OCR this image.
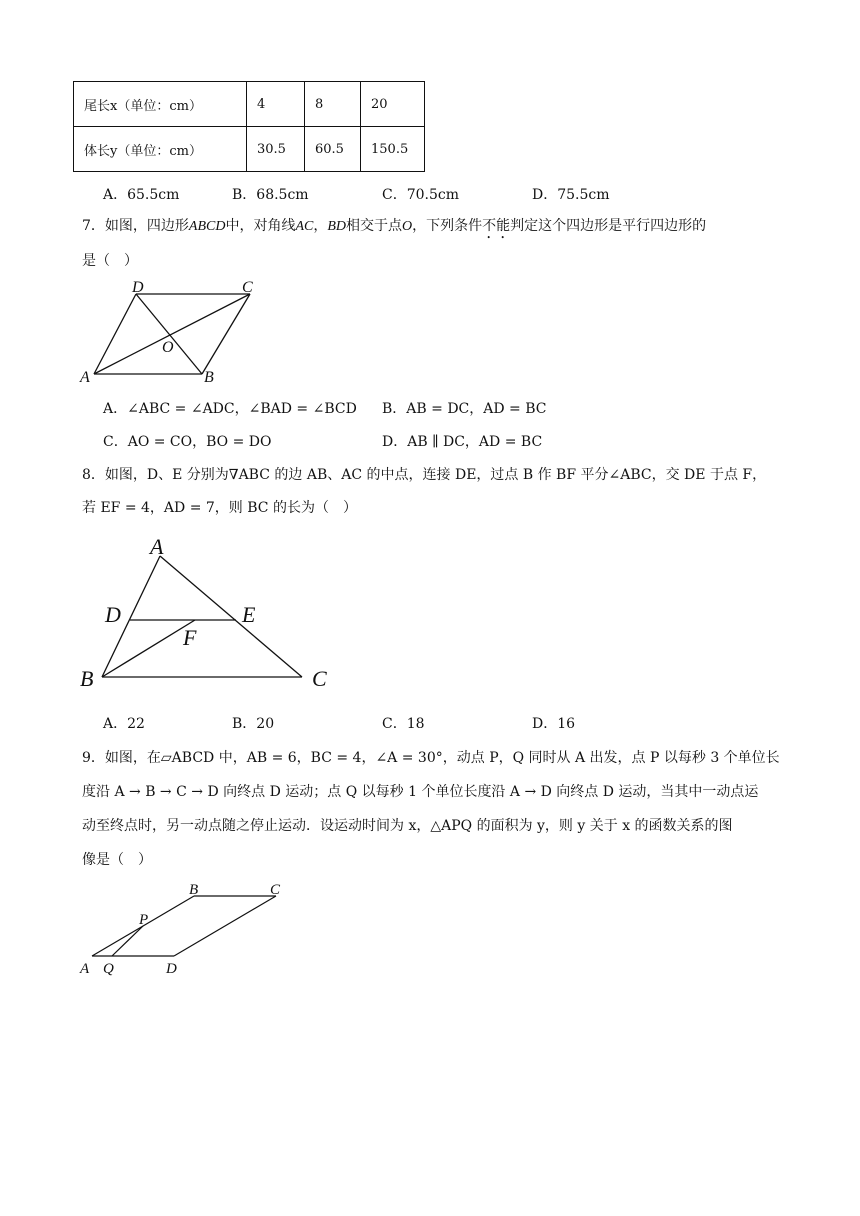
尾长x（单位：cm）	4	8	20
体长y（单位：cm）	30.5	60.5	150.5
A．65.5cm	B．68.5cm	C．70.5cm	D．75.5cm
7．如图，四边形ABCD中，对角线AC，BD相交于点O，下列条件不能判定这个四边形是平行四边形的
是（　）
D	C
A	B
O
A．∠ABC = ∠ADC，∠BAD = ∠BCD B．AB = DC，AD = BC
C．AO = CO，BO = DO	D．AB ∥ DC，AD = BC
8．如图，D、E 分别为∇ABC 的边 AB、AC 的中点，连接 DE，过点 B 作 BF 平分∠ABC，交 DE 于点 F，
若 EF = 4，AD = 7，则 BC 的长为（　）
A
D	E
F
B	C
A．22	B．20	C．18	D．16
9．如图，在▱ABCD 中，AB = 6，BC = 4，∠A = 30°，动点 P，Q 同时从 A 出发，点 P 以每秒 3 个单位长
度沿 A → B → C → D 向终点 D 运动；点 Q 以每秒 1 个单位长度沿 A → D 向终点 D 运动，当其中一动点运
动至终点时，另一动点随之停止运动．设运动时间为 x，△APQ 的面积为 y，则 y 关于 x 的函数关系的图
像是（　）
B	C
P
A Q	D
